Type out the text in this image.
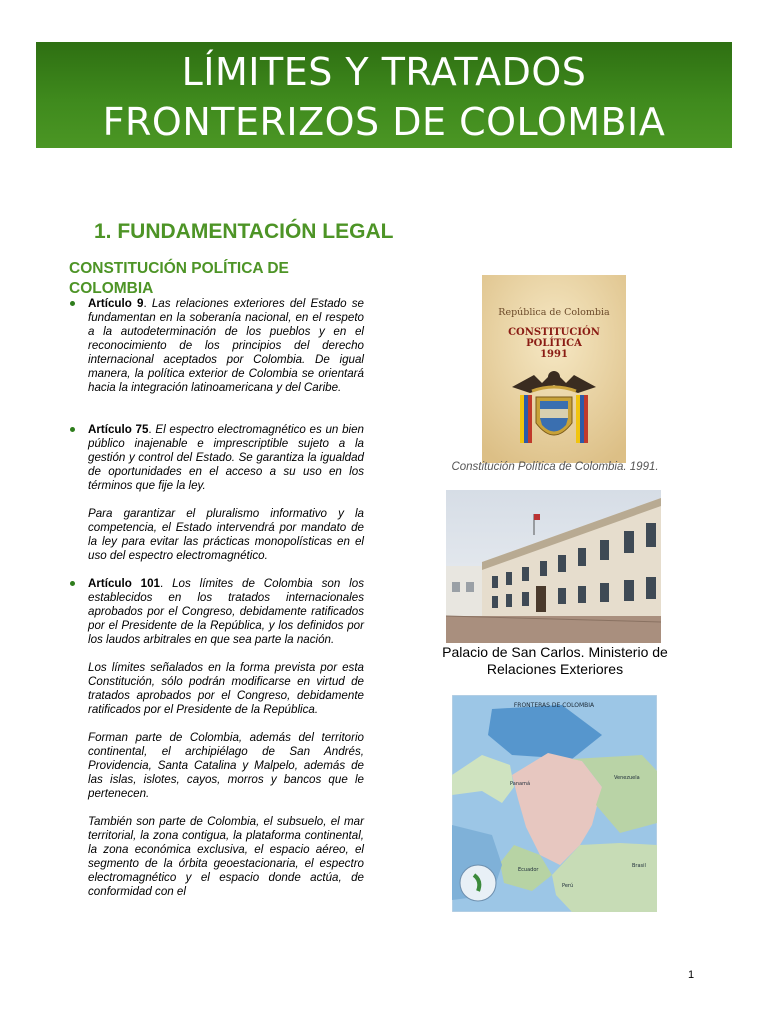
LÍMITES Y TRATADOS
FRONTERIZOS DE COLOMBIA
1. FUNDAMENTACIÓN LEGAL
CONSTITUCIÓN POLÍTICA DE COLOMBIA
Artículo 9. Las relaciones exteriores del Estado se fundamentan en la soberanía nacional, en el respeto a la autodeterminación de los pueblos y en el reconocimiento de los principios del derecho internacional aceptados por Colombia. De igual manera, la política exterior de Colombia se orientará hacia la integración latinoamericana y del Caribe.
Artículo 75. El espectro electromagnético es un bien público inajenable e imprescriptible sujeto a la gestión y control del Estado. Se garantiza la igualdad de oportunidades en el acceso a su uso en los términos que fije la ley.
Para garantizar el pluralismo informativo y la competencia, el Estado intervendrá por mandato de la ley para evitar las prácticas monopolísticas en el uso del espectro electromagnético.
Artículo 101. Los límites de Colombia son los establecidos en los tratados internacionales aprobados por el Congreso, debidamente ratificados por el Presidente de la República, y los definidos por los laudos arbitrales en que sea parte la nación.
Los límites señalados en la forma prevista por esta Constitución, sólo podrán modificarse en virtud de tratados aprobados por el Congreso, debidamente ratificados por el Presidente de la República.
Forman parte de Colombia, además del territorio continental, el archipiélago de San Andrés, Providencia, Santa Catalina y Malpelo, además de las islas, islotes, cayos, morros y bancos que le pertenecen.
También son parte de Colombia, el subsuelo, el mar territorial, la zona contigua, la plataforma continental, la zona económica exclusiva, el espacio aéreo, el segmento de la órbita geoestacionaria, el espectro electromagnético y el espacio donde actúa, de conformidad con el
República de Colombia
CONSTITUCIÓN
POLÍTICA
1991
Constitución Política de Colombia. 1991.
Palacio de San Carlos. Ministerio de
Relaciones Exteriores
FRONTERAS DE COLOMBIA
Panamá
Venezuela
Ecuador
Perú
Brasil
1
